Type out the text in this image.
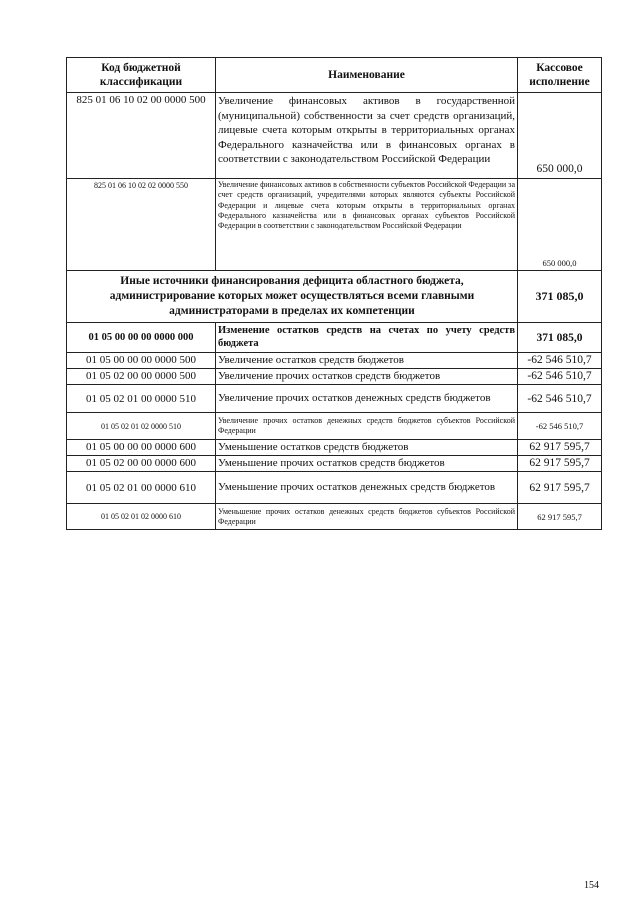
Код бюджетной классификации	Наименование	Кассовое исполнение
825 01 06 10 02 00 0000 500	Увеличение финансовых активов в государственной (муниципальной) собственности за счет средств организаций, лицевые счета которым открыты в территориальных органах Федерального казначейства или в финансовых органах в соответствии с законодательством Российской Федерации	650 000,0
825 01 06 10 02 02 0000 550	Увеличение финансовых активов в собственности субъектов Российской Федерации за счет средств организаций, учредителями которых являются субъекты Российской Федерации и лицевые счета которым открыты в территориальных органах Федерального казначейства или в финансовых органах субъектов Российской Федерации в соответствии с законодательством Российской Федерации	650 000,0
Иные источники финансирования дефицита областного бюджета, администрирование которых может осуществляться всеми главными администраторами в пределах их компетенции		371 085,0
01 05 00 00 00 0000 000	Изменение остатков средств на счетах по учету средств бюджета	371 085,0
01 05 00 00 00 0000 500	Увеличение остатков средств бюджетов	-62 546 510,7
01 05 02 00 00 0000 500	Увеличение прочих остатков средств бюджетов	-62 546 510,7
01 05 02 01 00 0000 510	Увеличение прочих остатков денежных средств бюджетов	-62 546 510,7
01 05 02 01 02 0000 510	Увеличение прочих остатков денежных средств бюджетов субъектов Российской Федерации	-62 546 510,7
01 05 00 00 00 0000 600	Уменьшение остатков средств бюджетов	62 917 595,7
01 05 02 00 00 0000 600	Уменьшение прочих остатков средств бюджетов	62 917 595,7
01 05 02 01 00 0000 610	Уменьшение прочих остатков денежных средств бюджетов	62 917 595,7
01 05 02 01 02 0000 610	Уменьшение прочих остатков денежных средств бюджетов субъектов Российской Федерации	62 917 595,7
154
